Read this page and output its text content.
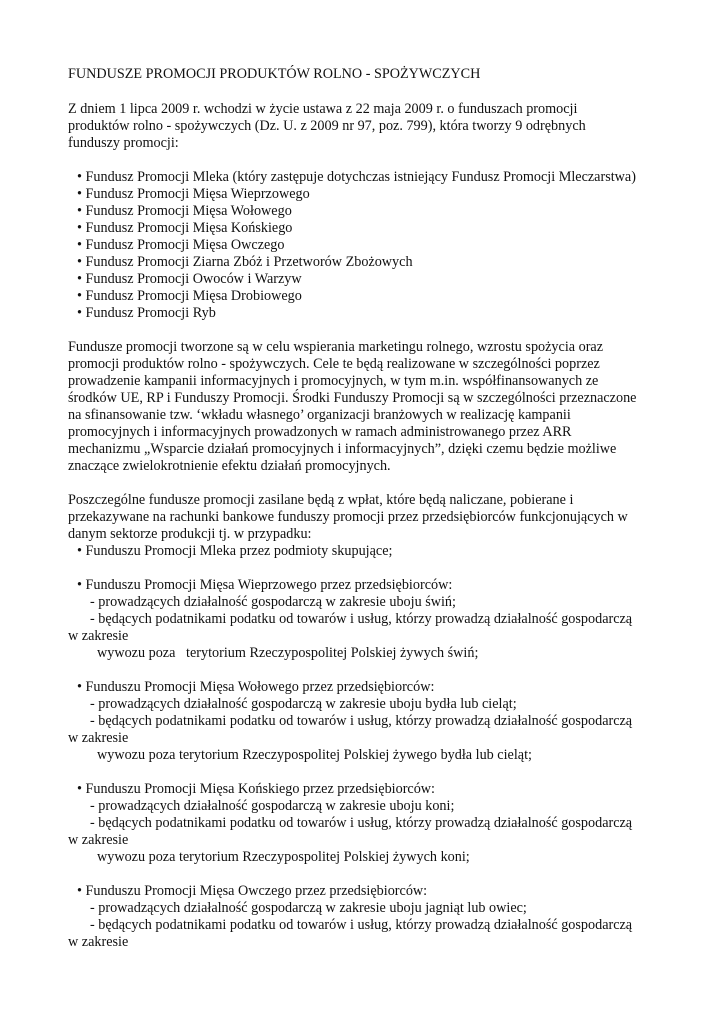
FUNDUSZE PROMOCJI PRODUKTÓW ROLNO - SPOŻYWCZYCH
Z dniem 1 lipca 2009 r. wchodzi w życie ustawa z 22 maja 2009 r. o funduszach promocji
produktów rolno - spożywczych (Dz. U. z 2009 nr 97, poz. 799), która tworzy 9 odrębnych
funduszy promocji:
• Fundusz Promocji Mleka (który zastępuje dotychczas istniejący Fundusz Promocji Mleczarstwa)
• Fundusz Promocji Mięsa Wieprzowego
• Fundusz Promocji Mięsa Wołowego
• Fundusz Promocji Mięsa Końskiego
• Fundusz Promocji Mięsa Owczego
• Fundusz Promocji Ziarna Zbóż i Przetworów Zbożowych
• Fundusz Promocji Owoców i Warzyw
• Fundusz Promocji Mięsa Drobiowego
• Fundusz Promocji Ryb
Fundusze promocji tworzone są w celu wspierania marketingu rolnego, wzrostu spożycia oraz
promocji produktów rolno - spożywczych. Cele te będą realizowane w szczególności poprzez
prowadzenie kampanii informacyjnych i promocyjnych, w tym m.in. współfinansowanych ze
środków UE, RP i Funduszy Promocji. Środki Funduszy Promocji są w szczególności przeznaczone
na sfinansowanie tzw. ‘wkładu własnego’ organizacji branżowych w realizację kampanii
promocyjnych i informacyjnych prowadzonych w ramach administrowanego przez ARR
mechanizmu „Wsparcie działań promocyjnych i informacyjnych”, dzięki czemu będzie możliwe
znaczące zwielokrotnienie efektu działań promocyjnych.
Poszczególne fundusze promocji zasilane będą z wpłat, które będą naliczane, pobierane i
przekazywane na rachunki bankowe funduszy promocji przez przedsiębiorców funkcjonujących w
danym sektorze produkcji tj. w przypadku:
• Funduszu Promocji Mleka przez podmioty skupujące;
• Funduszu Promocji Mięsa Wieprzowego przez przedsiębiorców:
- prowadzących działalność gospodarczą w zakresie uboju świń;
- będących podatnikami podatku od towarów i usług, którzy prowadzą działalność gospodarczą
w zakresie
wywozu poza   terytorium Rzeczypospolitej Polskiej żywych świń;
• Funduszu Promocji Mięsa Wołowego przez przedsiębiorców:
- prowadzących działalność gospodarczą w zakresie uboju bydła lub cieląt;
- będących podatnikami podatku od towarów i usług, którzy prowadzą działalność gospodarczą
w zakresie
wywozu poza terytorium Rzeczypospolitej Polskiej żywego bydła lub cieląt;
• Funduszu Promocji Mięsa Końskiego przez przedsiębiorców:
- prowadzących działalność gospodarczą w zakresie uboju koni;
- będących podatnikami podatku od towarów i usług, którzy prowadzą działalność gospodarczą
w zakresie
wywozu poza terytorium Rzeczypospolitej Polskiej żywych koni;
• Funduszu Promocji Mięsa Owczego przez przedsiębiorców:
- prowadzących działalność gospodarczą w zakresie uboju jagniąt lub owiec;
- będących podatnikami podatku od towarów i usług, którzy prowadzą działalność gospodarczą
w zakresie
